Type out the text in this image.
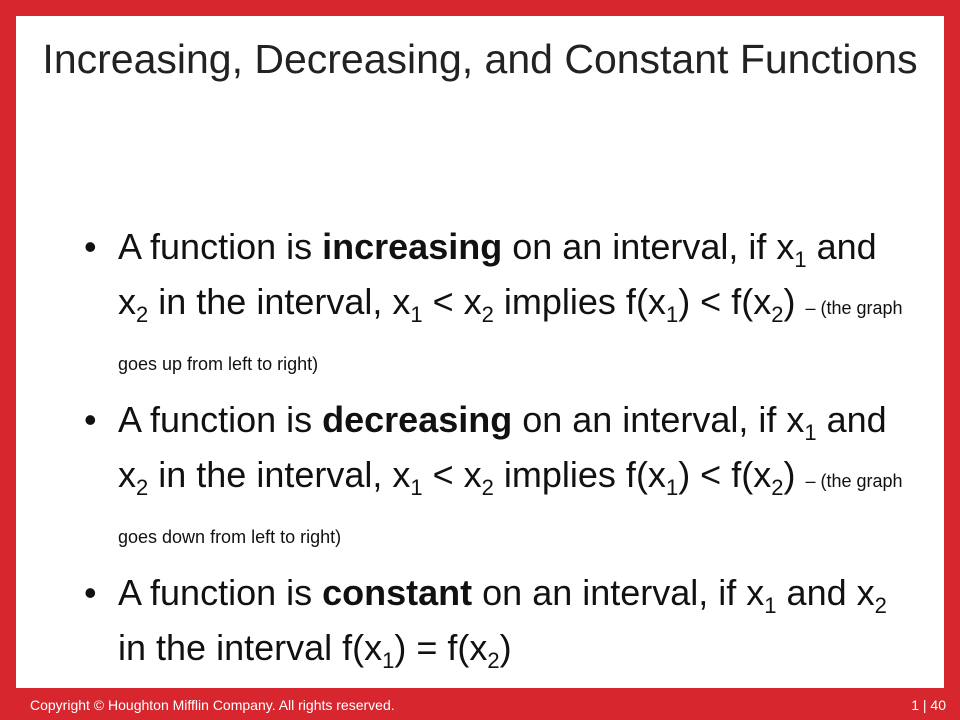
Increasing, Decreasing, and Constant Functions
• A function is increasing on an interval, if $x_1$ and $x_2$ in the interval, $x_1 < x_2$ implies $f(x_1) < f(x_2) - (the$ graph goes up from left to right)
• A function is decreasing on an interval, if $x_1$ and $x_2$ in the interval, $x_1 < x_2$ implies $f(x_1) < f(x_2) - (the$ graph goes down from left to right)
• A function is constant on an interval, if $x_1$ and $x_2$ in the interval $f(x_1) = f(x_2)$
Copyright © Houghton Mifflin Company. All rights reserved.	1 | 40
